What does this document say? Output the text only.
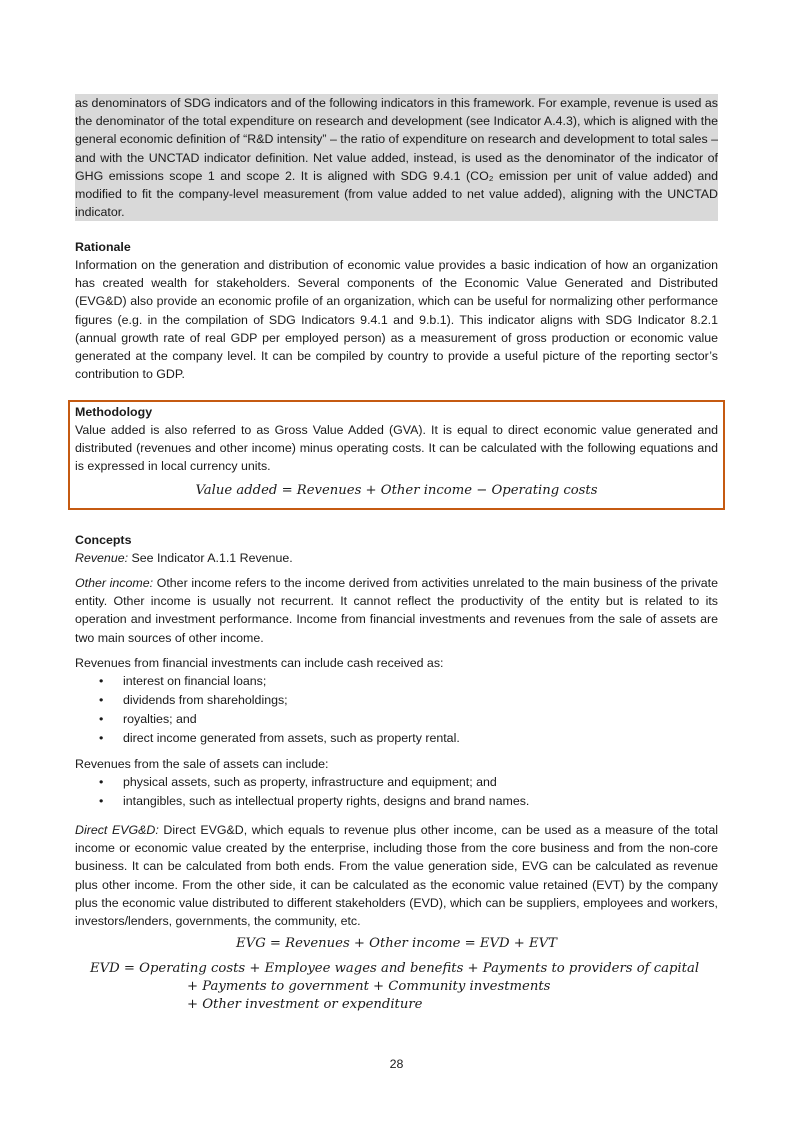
as denominators of SDG indicators and of the following indicators in this framework. For example, revenue is used as the denominator of the total expenditure on research and development (see Indicator A.4.3), which is aligned with the general economic definition of “R&D intensity” – the ratio of expenditure on research and development to total sales – and with the UNCTAD indicator definition. Net value added, instead, is used as the denominator of the indicator of GHG emissions scope 1 and scope 2. It is aligned with SDG 9.4.1 (CO₂ emission per unit of value added) and modified to fit the company-level measurement (from value added to net value added), aligning with the UNCTAD indicator.
Rationale
Information on the generation and distribution of economic value provides a basic indication of how an organization has created wealth for stakeholders. Several components of the Economic Value Generated and Distributed (EVG&D) also provide an economic profile of an organization, which can be useful for normalizing other performance figures (e.g. in the compilation of SDG Indicators 9.4.1 and 9.b.1). This indicator aligns with SDG Indicator 8.2.1 (annual growth rate of real GDP per employed person) as a measurement of gross production or economic value generated at the company level. It can be compiled by country to provide a useful picture of the reporting sector’s contribution to GDP.
Methodology
Value added is also referred to as Gross Value Added (GVA). It is equal to direct economic value generated and distributed (revenues and other income) minus operating costs. It can be calculated with the following equations and is expressed in local currency units.
Value added = Revenues + Other income − Operating costs
Concepts
Revenue: See Indicator A.1.1 Revenue.
Other income: Other income refers to the income derived from activities unrelated to the main business of the private entity. Other income is usually not recurrent. It cannot reflect the productivity of the entity but is related to its operation and investment performance. Income from financial investments and revenues from the sale of assets are two main sources of other income.
Revenues from financial investments can include cash received as:
•	interest on financial loans;
•	dividends from shareholdings;
•	royalties; and
•	direct income generated from assets, such as property rental.
Revenues from the sale of assets can include:
•	physical assets, such as property, infrastructure and equipment; and
•	intangibles, such as intellectual property rights, designs and brand names.
Direct EVG&D: Direct EVG&D, which equals to revenue plus other income, can be used as a measure of the total income or economic value created by the enterprise, including those from the core business and from the non-core business. It can be calculated from both ends. From the value generation side, EVG can be calculated as revenue plus other income. From the other side, it can be calculated as the economic value retained (EVT) by the company plus the economic value distributed to different stakeholders (EVD), which can be suppliers, employees and workers, investors/lenders, governments, the community, etc.
EVG = Revenues + Other income = EVD + EVT
EVD = Operating costs + Employee wages and benefits + Payments to providers of capital
+ Payments to government + Community investments
+ Other investment or expenditure
28
